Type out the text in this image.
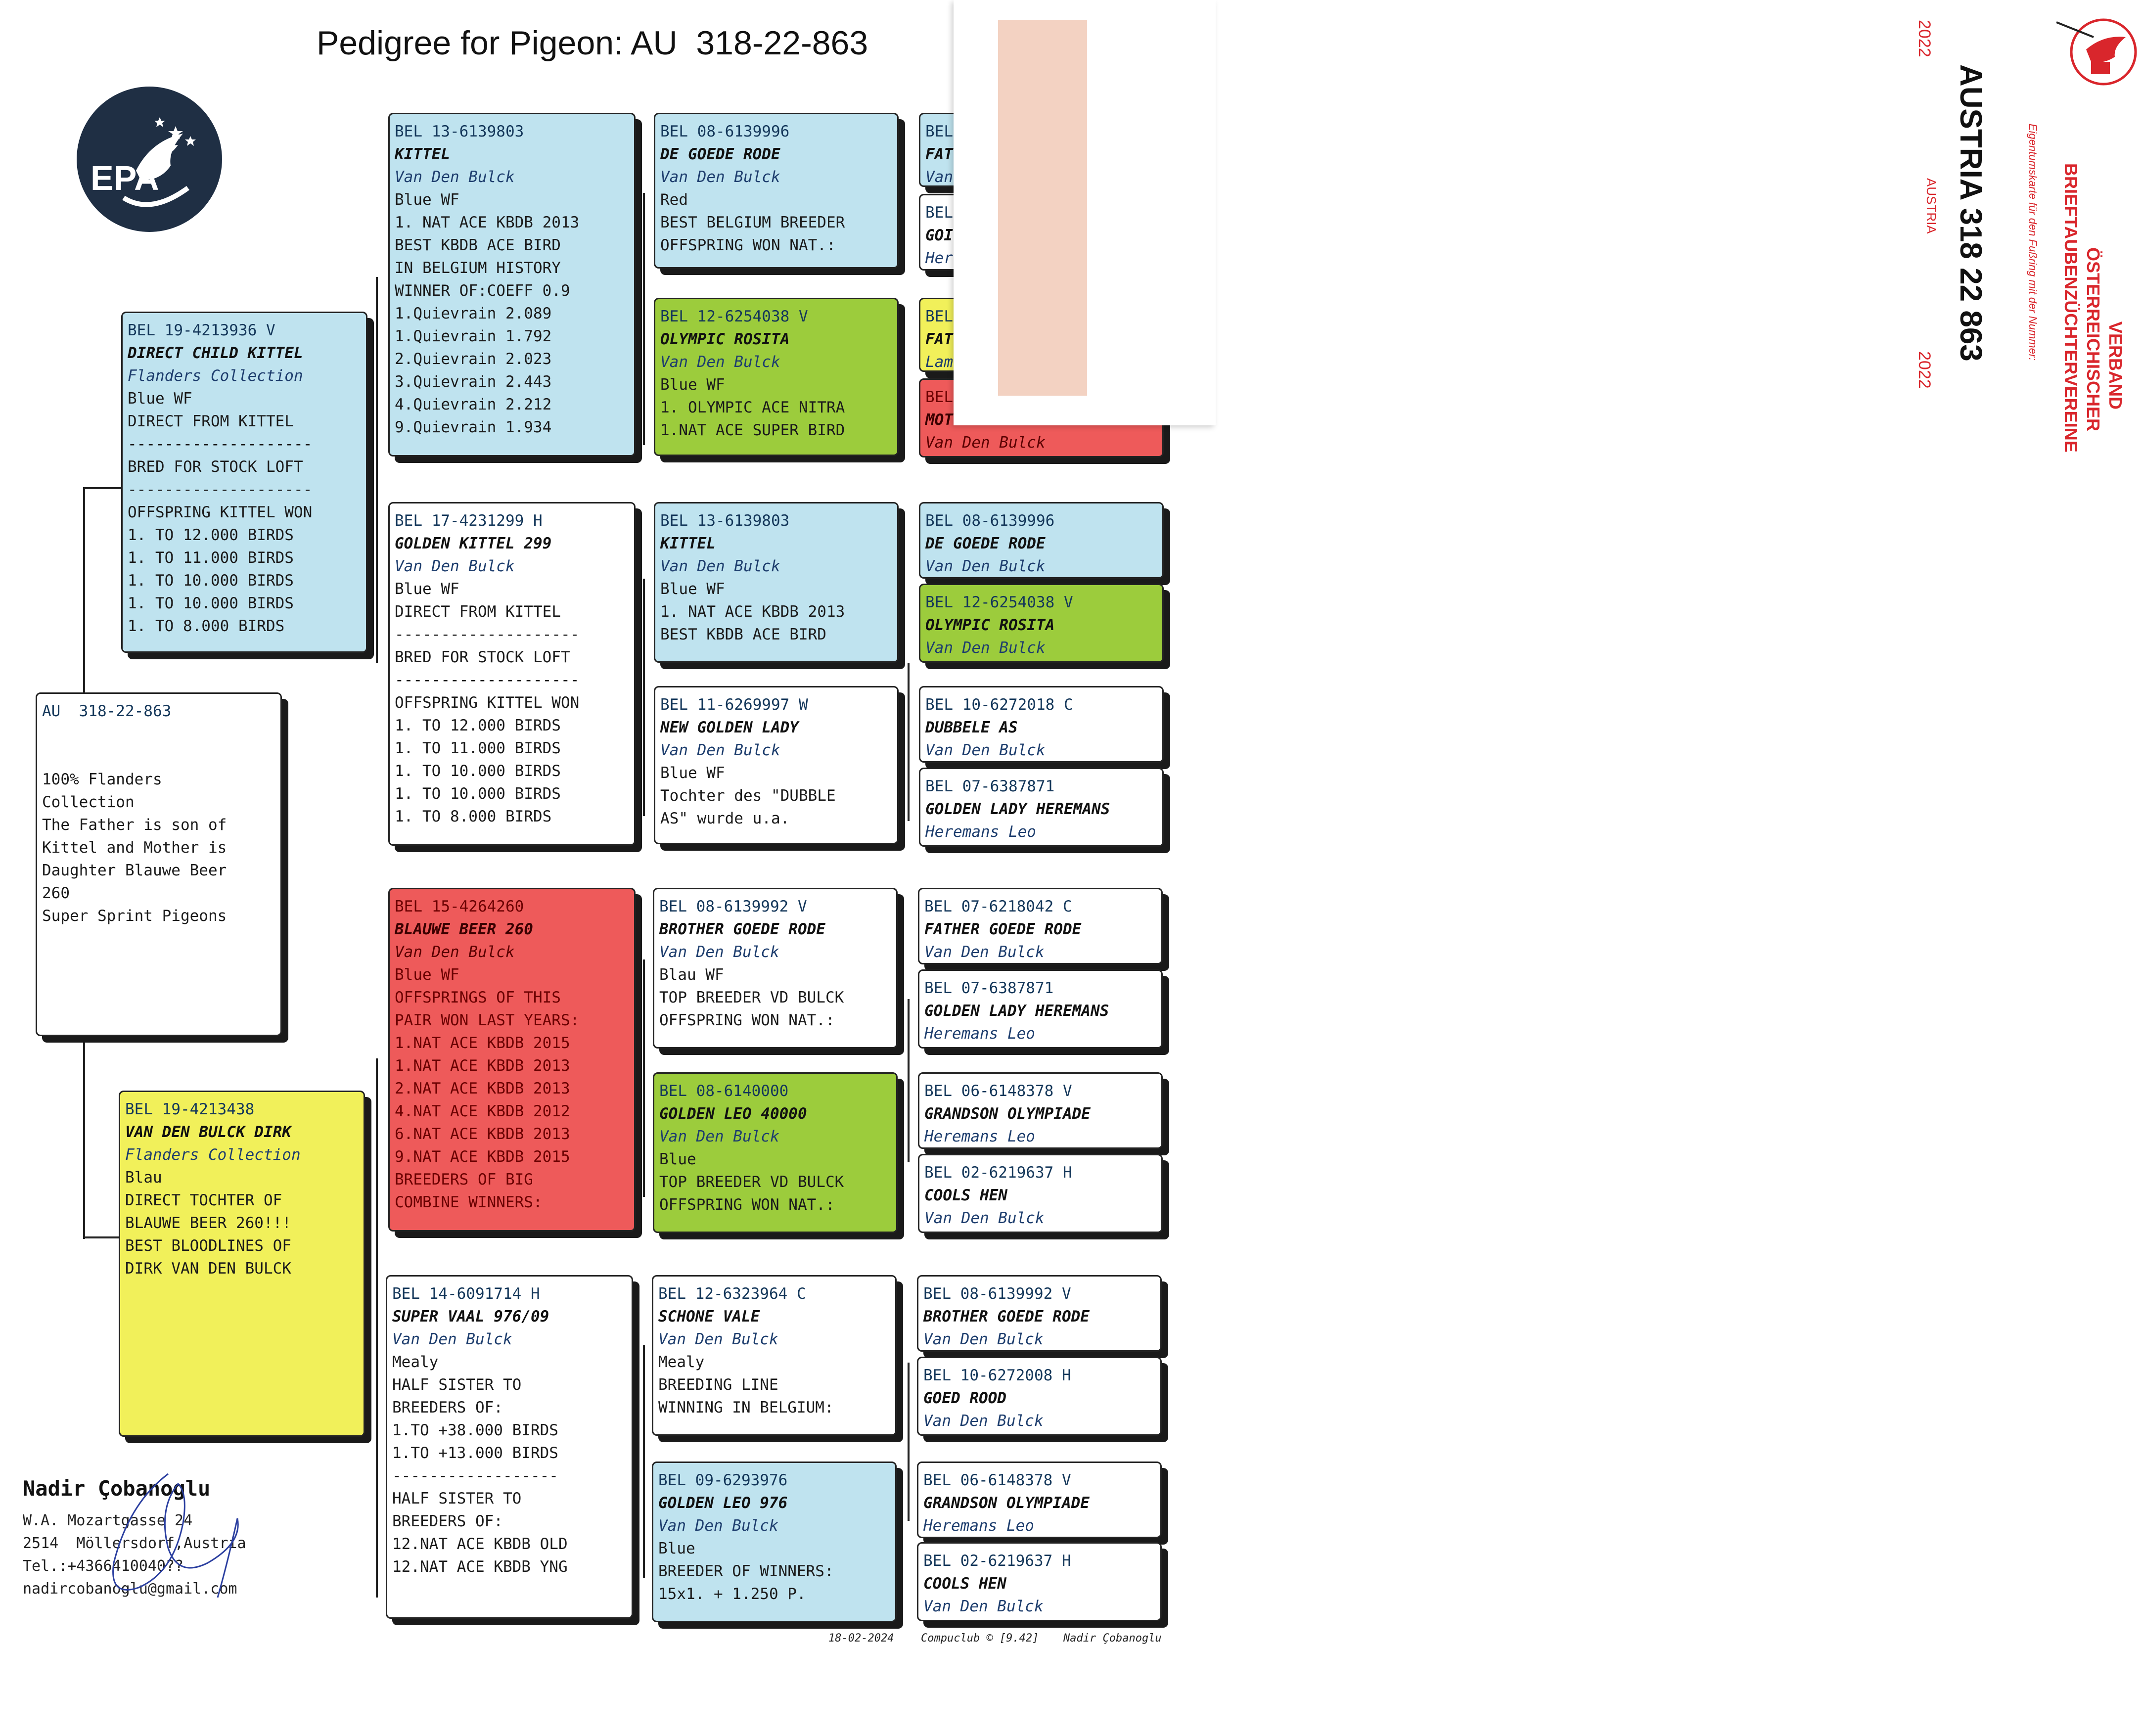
Pedigree for Pigeon: AU  318-22-863
EPA
AU  318-22-863
100% Flanders
Collection
The Father is son of
Kittel and Mother is
Daughter Blauwe Beer
260
Super Sprint Pigeons
BEL 19-4213936 V
DIRECT CHILD KITTEL
Flanders Collection
Blue WF
DIRECT FROM KITTEL
--------------------
BRED FOR STOCK LOFT
--------------------
OFFSPRING KITTEL WON
1. TO 12.000 BIRDS
1. TO 11.000 BIRDS
1. TO 10.000 BIRDS
1. TO 10.000 BIRDS
1. TO 8.000 BIRDS
BEL 19-4213438
VAN DEN BULCK DIRK
Flanders Collection
Blau
DIRECT TOCHTER OF
BLAUWE BEER 260!!!
BEST BLOODLINES OF
DIRK VAN DEN BULCK
BEL 13-6139803
KITTEL
Van Den Bulck
Blue WF
1. NAT ACE KBDB 2013
BEST KBDB ACE BIRD
IN BELGIUM HISTORY
WINNER OF:COEFF 0.9
1.Quievrain 2.089
1.Quievrain 1.792
2.Quievrain 2.023
3.Quievrain 2.443
4.Quievrain 2.212
9.Quievrain 1.934
BEL 17-4231299 H
GOLDEN KITTEL 299
Van Den Bulck
Blue WF
DIRECT FROM KITTEL
--------------------
BRED FOR STOCK LOFT
--------------------
OFFSPRING KITTEL WON
1. TO 12.000 BIRDS
1. TO 11.000 BIRDS
1. TO 10.000 BIRDS
1. TO 10.000 BIRDS
1. TO 8.000 BIRDS
BEL 15-4264260
BLAUWE BEER 260
Van Den Bulck
Blue WF
OFFSPRINGS OF THIS
PAIR WON LAST YEARS:
1.NAT ACE KBDB 2015
1.NAT ACE KBDB 2013
2.NAT ACE KBDB 2013
4.NAT ACE KBDB 2012
6.NAT ACE KBDB 2013
9.NAT ACE KBDB 2015
BREEDERS OF BIG
COMBINE WINNERS:
BEL 14-6091714 H
SUPER VAAL 976/09
Van Den Bulck
Mealy
HALF SISTER TO
BREEDERS OF:
1.TO +38.000 BIRDS
1.TO +13.000 BIRDS
------------------
HALF SISTER TO
BREEDERS OF:
12.NAT ACE KBDB OLD
12.NAT ACE KBDB YNG
BEL 08-6139996
DE GOEDE RODE
Van Den Bulck
Red
BEST BELGIUM BREEDER
OFFSPRING WON NAT.:
BEL 12-6254038 V
OLYMPIC ROSITA
Van Den Bulck
Blue WF
1. OLYMPIC ACE NITRA
1.NAT ACE SUPER BIRD
BEL 13-6139803
KITTEL
Van Den Bulck
Blue WF
1. NAT ACE KBDB 2013
BEST KBDB ACE BIRD
BEL 11-6269997 W
NEW GOLDEN LADY
Van Den Bulck
Blue WF
Tochter des "DUBBLE
AS" wurde u.a.
BEL 08-6139992 V
BROTHER GOEDE RODE
Van Den Bulck
Blau WF
TOP BREEDER VD BULCK
OFFSPRING WON NAT.:
BEL 08-6140000
GOLDEN LEO 40000
Van Den Bulck
Blue
TOP BREEDER VD BULCK
OFFSPRING WON NAT.:
BEL 12-6323964 C
SCHONE VALE
Van Den Bulck
Mealy
BREEDING LINE
WINNING IN BELGIUM:
BEL 09-6293976
GOLDEN LEO 976
Van Den Bulck
Blue
BREEDER OF WINNERS:
15x1. + 1.250 P.
BEL
FAT
Van
BEL
GOI
Her
BEL
FAT
Lam
BEL
MOT
Van Den Bulck
BEL 08-6139996
DE GOEDE RODE
Van Den Bulck
BEL 12-6254038 V
OLYMPIC ROSITA
Van Den Bulck
BEL 10-6272018 C
DUBBELE AS
Van Den Bulck
BEL 07-6387871
GOLDEN LADY HEREMANS
Heremans Leo
BEL 07-6218042 C
FATHER GOEDE RODE
Van Den Bulck
BEL 07-6387871
GOLDEN LADY HEREMANS
Heremans Leo
BEL 06-6148378 V
GRANDSON OLYMPIADE
Heremans Leo
BEL 02-6219637 H
COOLS HEN
Van Den Bulck
BEL 08-6139992 V
BROTHER GOEDE RODE
Van Den Bulck
BEL 10-6272008 H
GOED ROOD
Van Den Bulck
BEL 06-6148378 V
GRANDSON OLYMPIADE
Heremans Leo
BEL 02-6219637 H
COOLS HEN
Van Den Bulck
2022
AUSTRIA 318 22 863
AUSTRIA
2022
Eigentumskarte für den Fußring mit der Nummer:
VERBAND
ÖSTERREICHISCHER
BRIEFTAUBENZÜCHTERVEREINE
Nadir Çobanoglu
W.A. Mozartgasse 24
2514  Möllersdorf,Austria
Tel.:+4366410040??
nadircobanoglu@gmail.com
18-02-2024 Compuclub © [9.42] Nadir Çobanoglu
